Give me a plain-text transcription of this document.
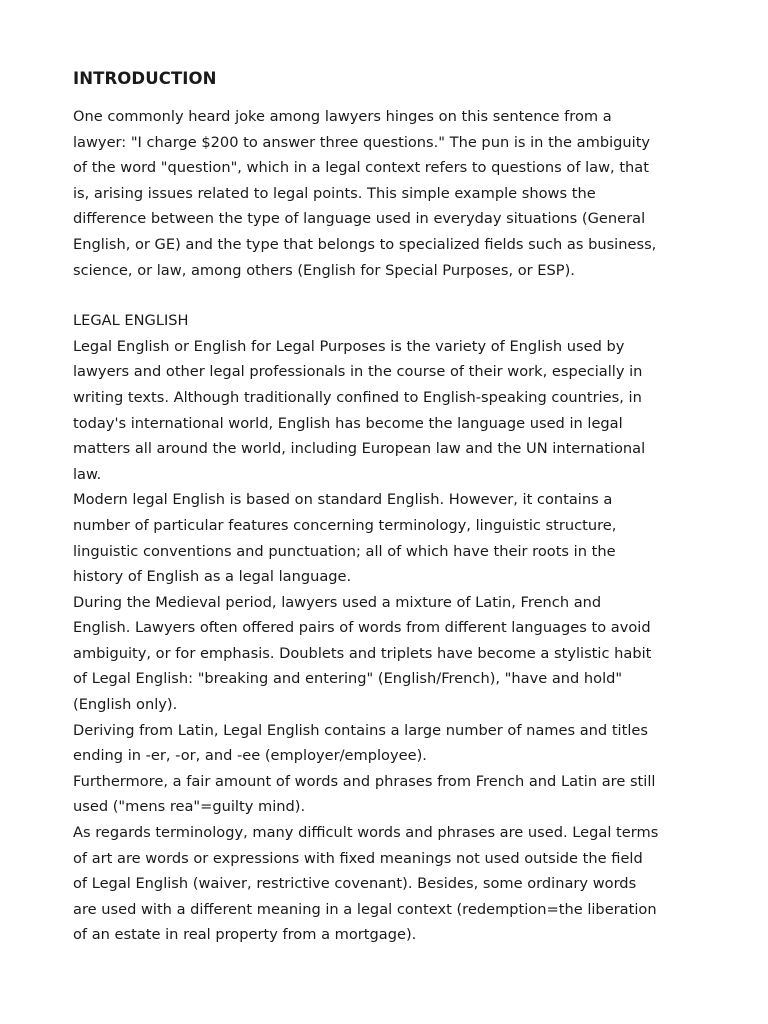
INTRODUCTION
One commonly heard joke among lawyers hinges on this sentence from a
lawyer: "I charge $200 to answer three questions." The pun is in the ambiguity
of the word "question", which in a legal context refers to questions of law, that
is, arising issues related to legal points. This simple example shows the
difference between the type of language used in everyday situations (General
English, or GE) and the type that belongs to specialized fields such as business,
science, or law, among others (English for Special Purposes, or ESP).
LEGAL ENGLISH
Legal English or English for Legal Purposes is the variety of English used by
lawyers and other legal professionals in the course of their work, especially in
writing texts. Although traditionally confined to English-speaking countries, in
today's international world, English has become the language used in legal
matters all around the world, including European law and the UN international
law.
Modern legal English is based on standard English. However, it contains a
number of particular features concerning terminology, linguistic structure,
linguistic conventions and punctuation; all of which have their roots in the
history of English as a legal language.
During the Medieval period, lawyers used a mixture of Latin, French and
English. Lawyers often offered pairs of words from different languages to avoid
ambiguity, or for emphasis. Doublets and triplets have become a stylistic habit
of Legal English: "breaking and entering" (English/French), "have and hold"
(English only).
Deriving from Latin, Legal English contains a large number of names and titles
ending in -er, -or, and -ee (employer/employee).
Furthermore, a fair amount of words and phrases from French and Latin are still
used ("mens rea"=guilty mind).
As regards terminology, many difficult words and phrases are used. Legal terms
of art are words or expressions with fixed meanings not used outside the field
of Legal English (waiver, restrictive covenant). Besides, some ordinary words
are used with a different meaning in a legal context (redemption=the liberation
of an estate in real property from a mortgage).
